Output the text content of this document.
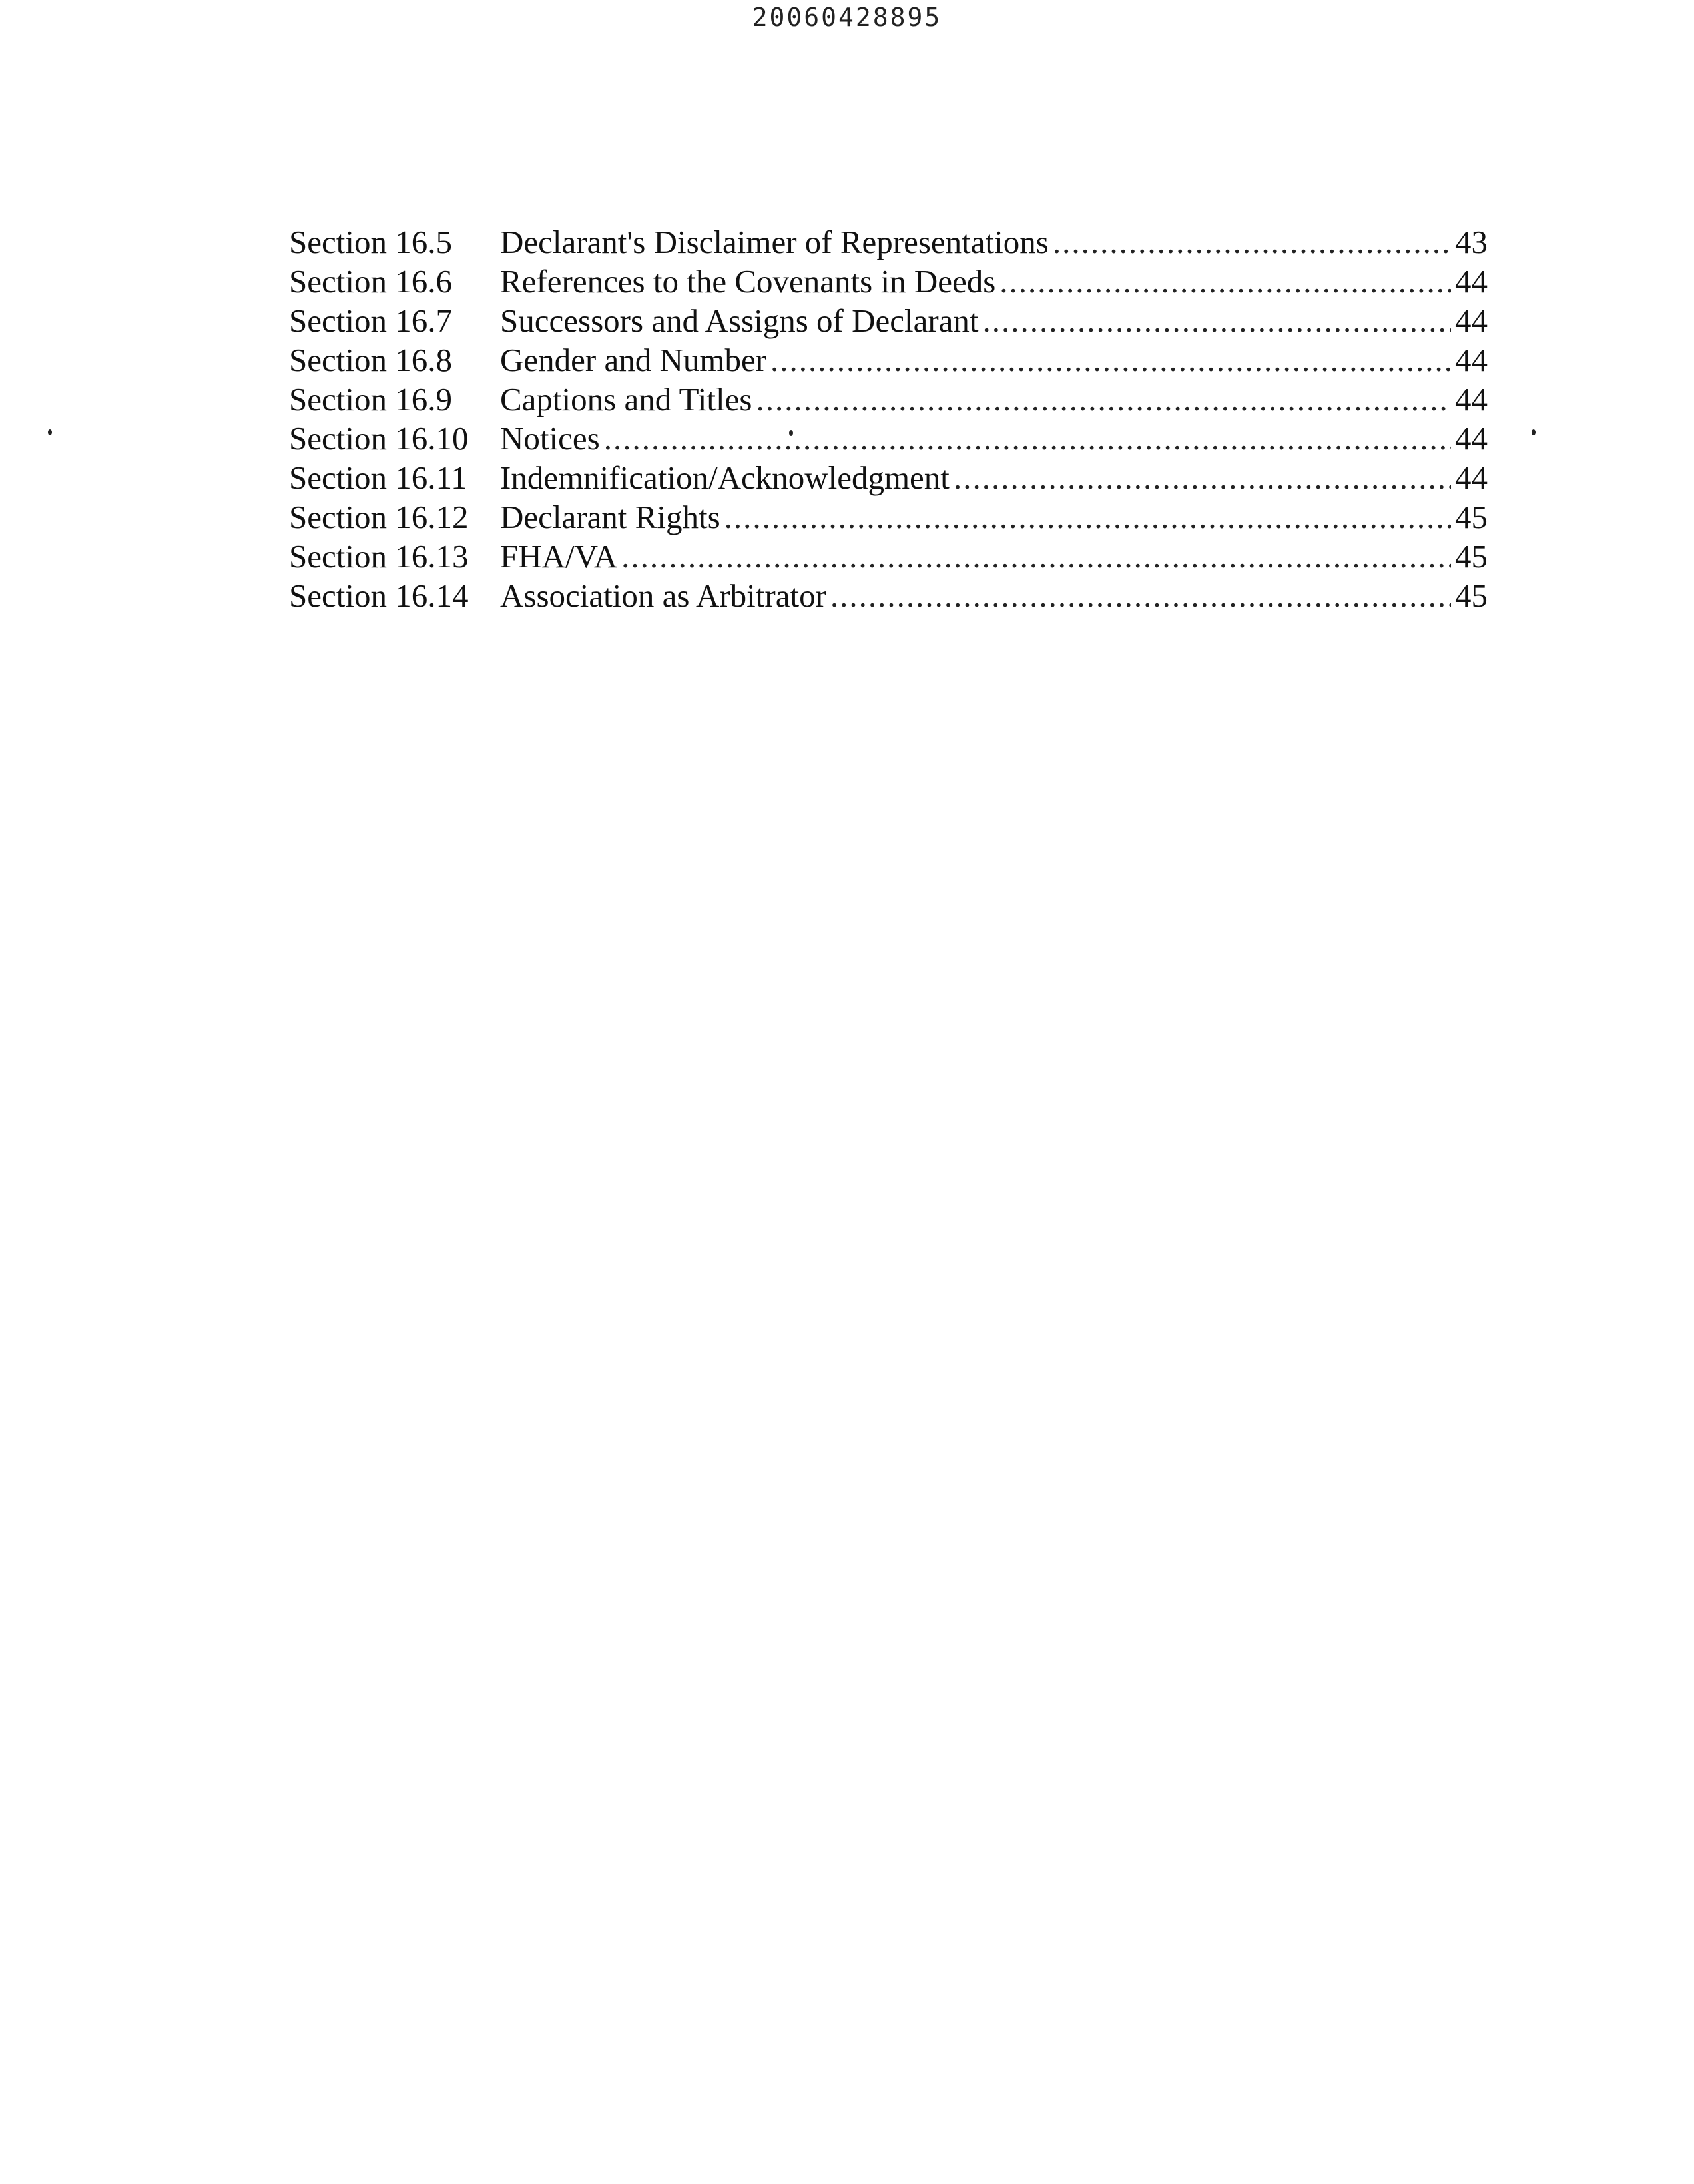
20060428895
Section 16.5	Declarant's Disclaimer of Representations .....	43
Section 16.6	References to the Covenants in Deeds .....	44
Section 16.7	Successors and Assigns of Declarant .....	44
Section 16.8	Gender and Number .....	44
Section 16.9	Captions and Titles .....	44
Section 16.10 Notices .....	44
Section 16.11	Indemnification/Acknowledgment .....	44
Section 16.12 Declarant Rights .....	45
Section 16.13 FHA/VA .....	45
Section 16.14 Association as Arbitrator .....	45
